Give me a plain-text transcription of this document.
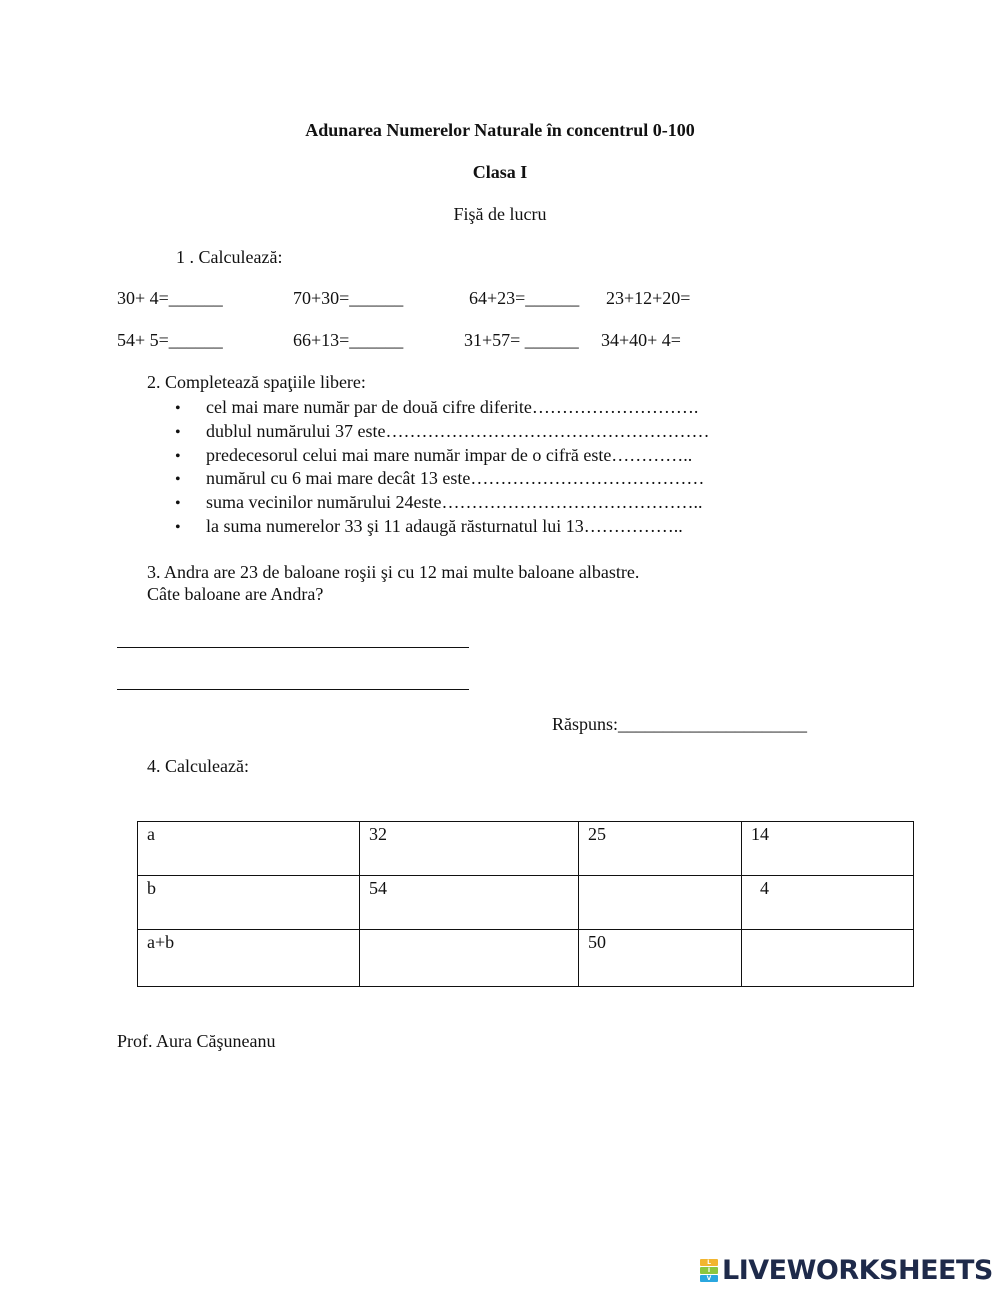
Adunarea Numerelor Naturale în concentrul 0-100
Clasa I
Fişă de lucru
1 . Calculează:
30+ 4=______	70+30=______	64+23=______ 23+12+20=
54+ 5=______	66+13=______	31+57= ______ 34+40+ 4=
2. Completează spaţiile libere:
• cel mai mare număr par de două cifre diferite……………………….
• dublul numărului 37 este………………………………………………
• predecesorul celui mai mare număr impar de o cifră este…………..
• numărul cu 6 mai mare decât 13 este…………………………………
• suma vecinilor numărului 24este……………………………………..
• la suma numerelor 33 şi 11 adaugă răsturnatul lui 13……………..
3. Andra are 23 de baloane roşii şi cu 12 mai multe baloane albastre.
Câte baloane are Andra?
Răspuns:_____________________
4. Calculează:
a	32	25	14
b	54		4
a+b		50	
Prof. Aura Căşuneanu
L
I
V LIVEWORKSHEETS
